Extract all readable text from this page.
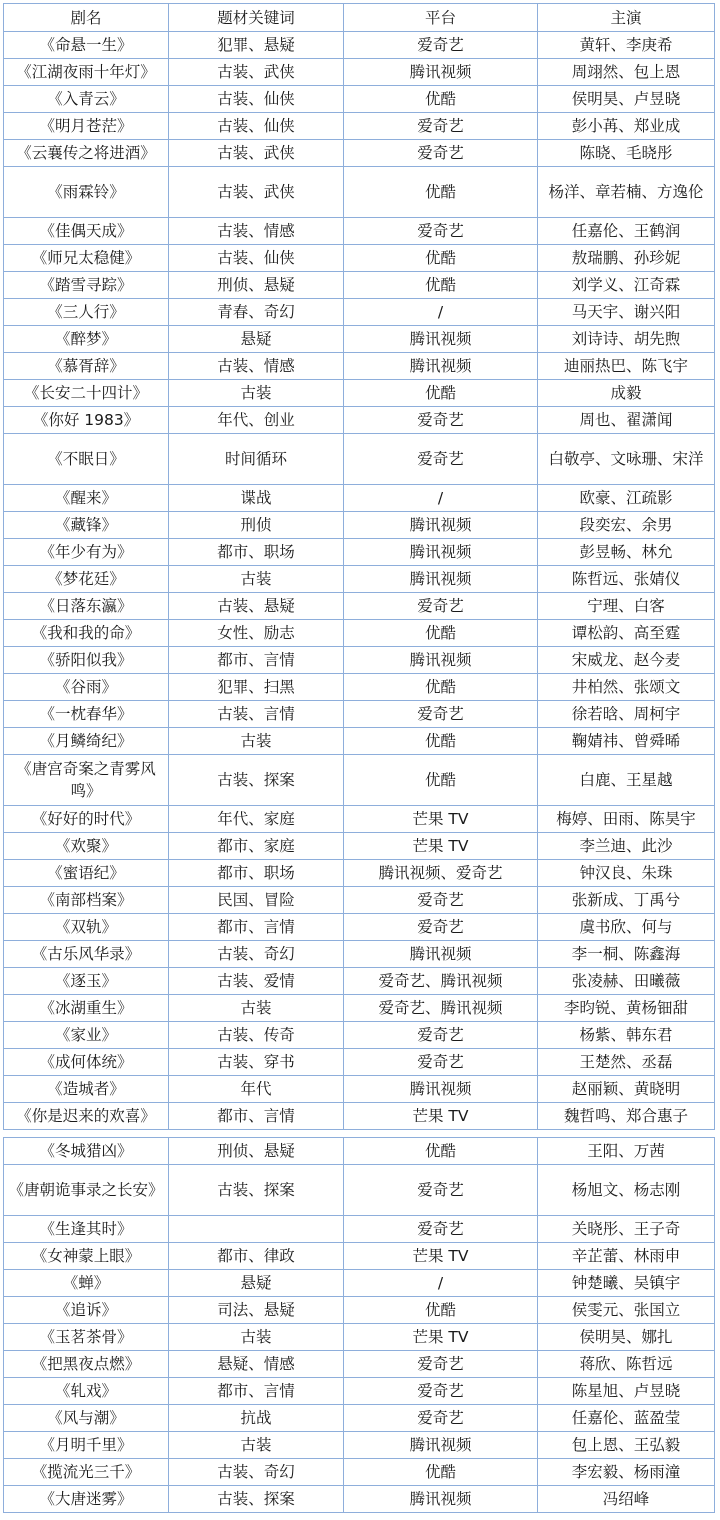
剧名	题材关键词	平台	主演
《命悬一生》	犯罪、悬疑	爱奇艺	黄轩、李庚希
《江湖夜雨十年灯》	古装、武侠	腾讯视频	周翊然、包上恩
《入青云》	古装、仙侠	优酷	侯明昊、卢昱晓
《明月苍茫》	古装、仙侠	爱奇艺	彭小苒、郑业成
《云襄传之将进酒》	古装、武侠	爱奇艺	陈晓、毛晓彤
《雨霖铃》	古装、武侠	优酷	杨洋、章若楠、方逸伦
《佳偶天成》	古装、情感	爱奇艺	任嘉伦、王鹤润
《师兄太稳健》	古装、仙侠	优酷	敖瑞鹏、孙珍妮
《踏雪寻踪》	刑侦、悬疑	优酷	刘学义、江奇霖
《三人行》	青春、奇幻	/	马天宇、谢兴阳
《醉梦》	悬疑	腾讯视频	刘诗诗、胡先煦
《慕胥辞》	古装、情感	腾讯视频	迪丽热巴、陈飞宇
《长安二十四计》	古装	优酷	成毅
《你好 1983》	年代、创业	爱奇艺	周也、翟潇闻
《不眠日》	时间循环	爱奇艺	白敬亭、文咏珊、宋洋
《醒来》	谍战	/	欧豪、江疏影
《藏锋》	刑侦	腾讯视频	段奕宏、余男
《年少有为》	都市、职场	腾讯视频	彭昱畅、林允
《梦花廷》	古装	腾讯视频	陈哲远、张婧仪
《日落东瀛》	古装、悬疑	爱奇艺	宁理、白客
《我和我的命》	女性、励志	优酷	谭松韵、高至霆
《骄阳似我》	都市、言情	腾讯视频	宋威龙、赵今麦
《谷雨》	犯罪、扫黑	优酷	井柏然、张颂文
《一枕春华》	古装、言情	爱奇艺	徐若晗、周柯宇
《月鳞绮纪》	古装	优酷	鞠婧祎、曾舜晞
《唐宫奇案之青雾风鸣》	古装、探案	优酷	白鹿、王星越
《好好的时代》	年代、家庭	芒果 TV	梅婷、田雨、陈昊宇
《欢聚》	都市、家庭	芒果 TV	李兰迪、此沙
《蜜语纪》	都市、职场	腾讯视频、爱奇艺	钟汉良、朱珠
《南部档案》	民国、冒险	爱奇艺	张新成、丁禹兮
《双轨》	都市、言情	爱奇艺	虞书欣、何与
《古乐风华录》	古装、奇幻	腾讯视频	李一桐、陈鑫海
《逐玉》	古装、爱情	爱奇艺、腾讯视频	张凌赫、田曦薇
《冰湖重生》	古装	爱奇艺、腾讯视频	李昀锐、黄杨钿甜
《家业》	古装、传奇	爱奇艺	杨紫、韩东君
《成何体统》	古装、穿书	爱奇艺	王楚然、丞磊
《造城者》	年代	腾讯视频	赵丽颖、黄晓明
《你是迟来的欢喜》	都市、言情	芒果 TV	魏哲鸣、郑合惠子
《冬城猎凶》	刑侦、悬疑	优酷	王阳、万茜
《唐朝诡事录之长安》	古装、探案	爱奇艺	杨旭文、杨志刚
《生逢其时》		爱奇艺	关晓彤、王子奇
《女神蒙上眼》	都市、律政	芒果 TV	辛芷蕾、林雨申
《蝉》	悬疑	/	钟楚曦、吴镇宇
《追诉》	司法、悬疑	优酷	侯雯元、张国立
《玉茗茶骨》	古装	芒果 TV	侯明昊、娜扎
《把黑夜点燃》	悬疑、情感	爱奇艺	蒋欣、陈哲远
《轧戏》	都市、言情	爱奇艺	陈星旭、卢昱晓
《风与潮》	抗战	爱奇艺	任嘉伦、蓝盈莹
《月明千里》	古装	腾讯视频	包上恩、王弘毅
《揽流光三千》	古装、奇幻	优酷	李宏毅、杨雨潼
《大唐迷雾》	古装、探案	腾讯视频	冯绍峰
